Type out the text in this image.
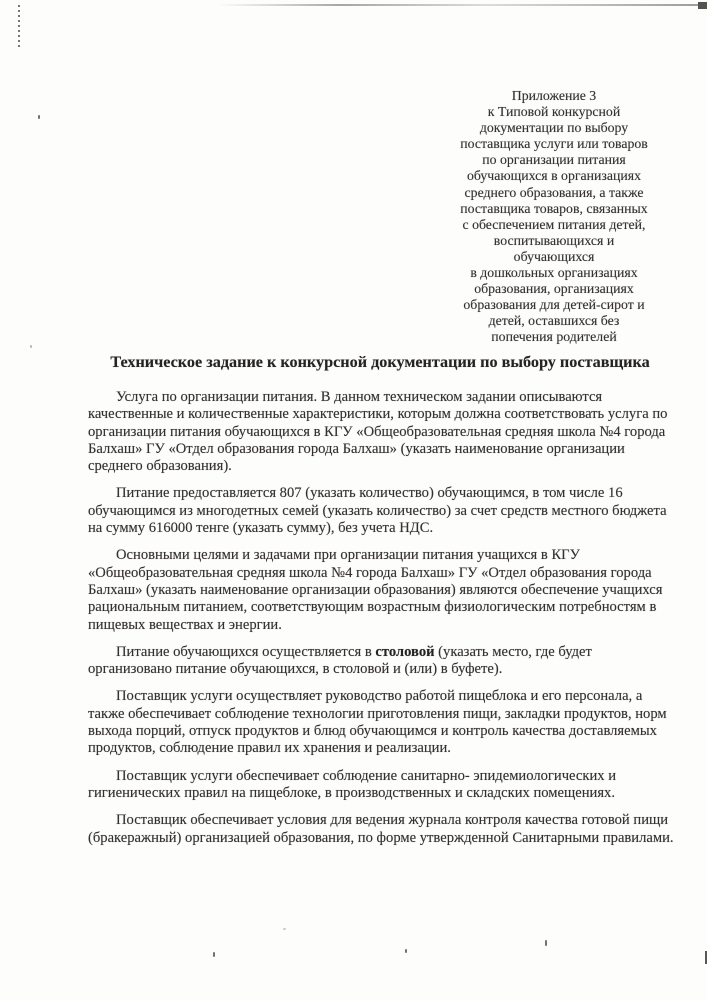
Приложение 3
к Типовой конкурсной
документации по выбору
поставщика услуги или товаров
по организации питания
обучающихся в организациях
среднего образования, а также
поставщика товаров, связанных
с обеспечением питания детей,
воспитывающихся и
обучающихся
в дошкольных организациях
образования, организациях
образования для детей-сирот и
детей, оставшихся без
попечения родителей
Техническое задание к конкурсной документации по выбору поставщика

Услуга по организации питания. В данном техническом задании описываются качественные и количественные характеристики, которым должна соответствовать услуга по организации питания обучающихся в КГУ «Общеобразовательная средняя школа №4 города Балхаш» ГУ «Отдел образования города Балхаш» (указать наименование организации среднего образования).

Питание предоставляется 807 (указать количество) обучающимся, в том числе 16 обучающимся из многодетных семей (указать количество) за счет средств местного бюджета на сумму 616000 тенге (указать сумму), без учета НДС.

Основными целями и задачами при организации питания учащихся в КГУ «Общеобразовательная средняя школа №4 города Балхаш» ГУ «Отдел образования города Балхаш» (указать наименование организации образования) являются обеспечение учащихся рациональным питанием, соответствующим возрастным физиологическим потребностям в пищевых веществах и энергии.

Питание обучающихся осуществляется в столовой (указать место, где будет организовано питание обучающихся, в столовой и (или) в буфете).

Поставщик услуги осуществляет руководство работой пищеблока и его персонала, а также обеспечивает соблюдение технологии приготовления пищи, закладки продуктов, норм выхода порций, отпуск продуктов и блюд обучающимся и контроль качества доставляемых продуктов, соблюдение правил их хранения и реализации.

Поставщик услуги обеспечивает соблюдение санитарно- эпидемиологических и гигиенических правил на пищеблоке, в производственных и складских помещениях.

Поставщик обеспечивает условия для ведения журнала контроля качества готовой пищи (бракеражный) организацией образования, по форме утвержденной Санитарными правилами.
